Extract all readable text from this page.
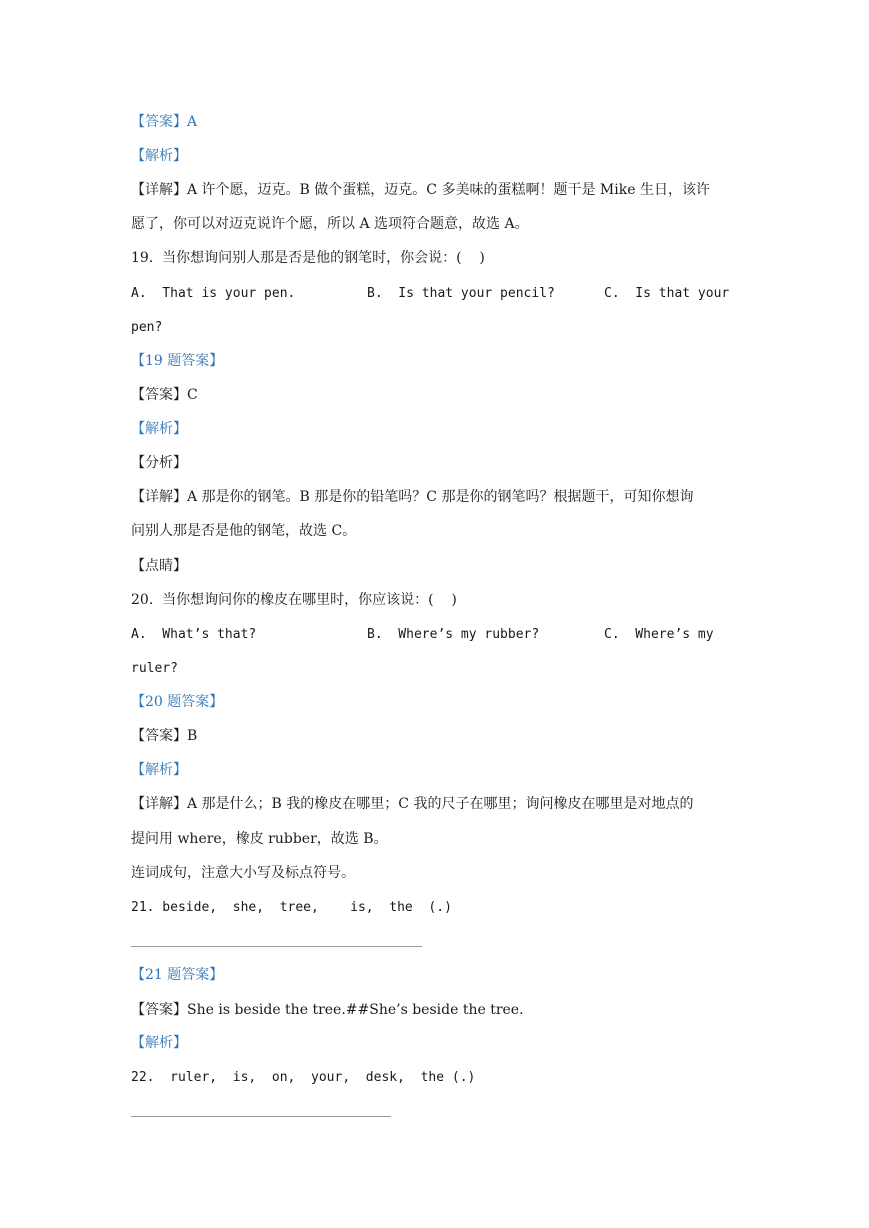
【答案】A
【解析】
【详解】A 许个愿，迈克。B 做个蛋糕，迈克。C 多美味的蛋糕啊！题干是 Mike 生日，该许
愿了，你可以对迈克说许个愿，所以 A 选项符合题意，故选 A。
19.  当你想询问别人那是否是他的钢笔时，你会说：(    )
A.  That is your pen.	B.  Is that your pencil?	C.  Is that your
pen?
【19 题答案】
【答案】C
【解析】
【分析】
【详解】A 那是你的钢笔。B 那是你的铅笔吗？C 那是你的钢笔吗？根据题干，可知你想询
问别人那是否是他的钢笔，故选 C。
【点睛】
20.  当你想询问你的橡皮在哪里时，你应该说：(    )
A.  What’s that?	B.  Where’s my rubber?	C.  Where’s my
ruler?
【20 题答案】
【答案】B
【解析】
【详解】A 那是什么；B 我的橡皮在哪里；C 我的尺子在哪里；询问橡皮在哪里是对地点的
提问用 where，橡皮 rubber，故选 B。
连词成句，注意大小写及标点符号。
21. beside,  she,  tree,    is,  the  (.)
【21 题答案】
【答案】She is beside the tree.##She’s beside the tree.
【解析】
22.  ruler,  is,  on,  your,  desk,  the (.)
